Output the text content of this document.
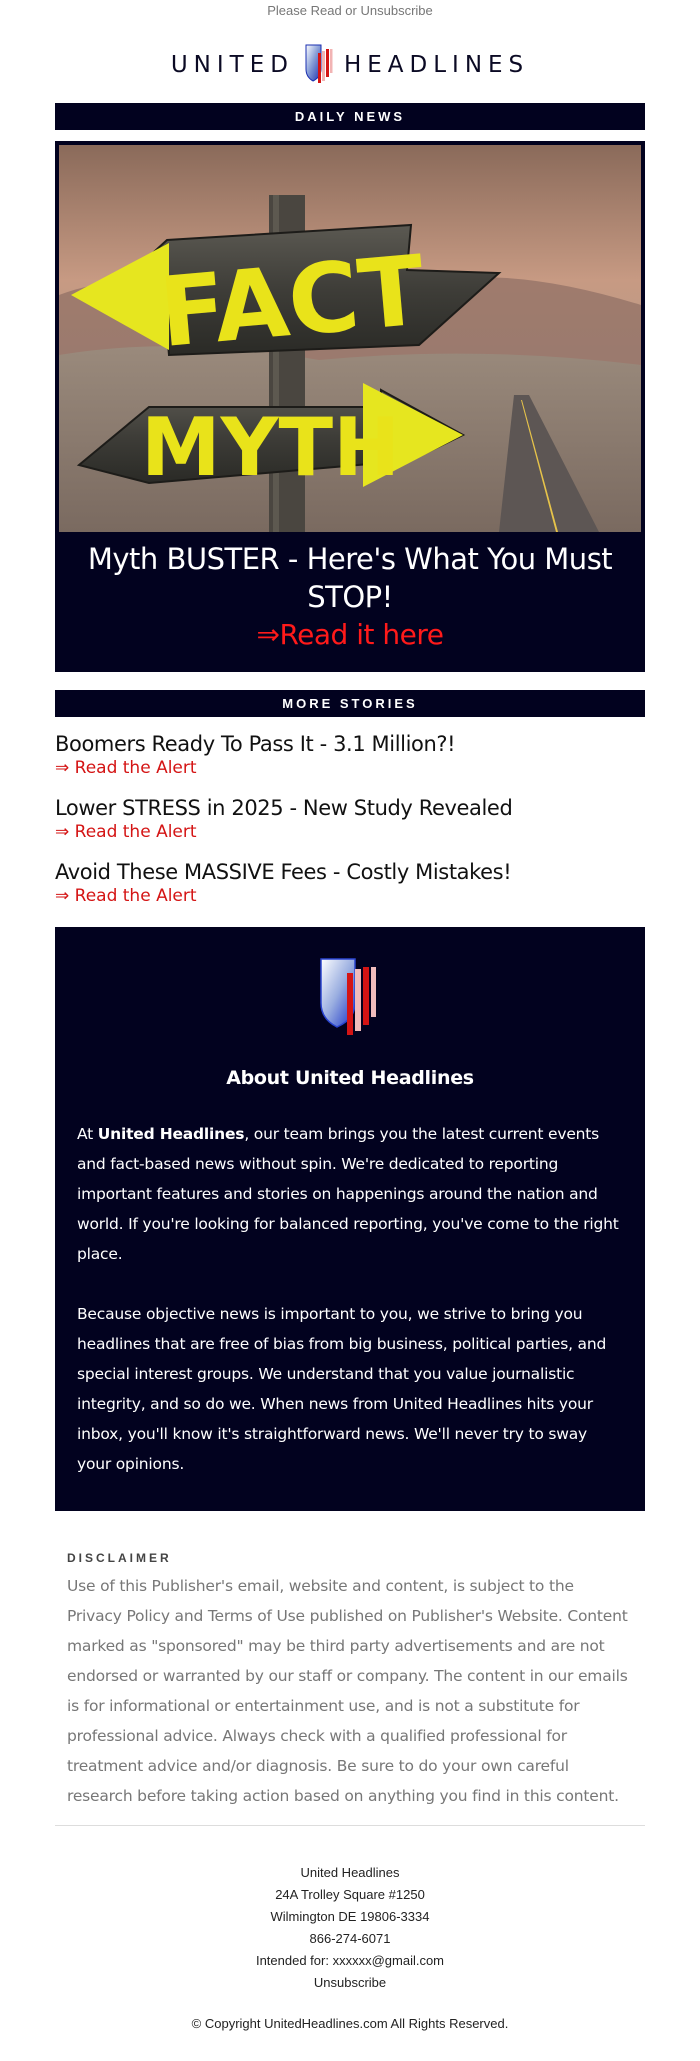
Please Read or Unsubscribe
UNITED HEADLINES
DAILY NEWS
FACT
MYTH
Myth BUSTER - Here's What You Must STOP!
⇒Read it here
MORE STORIES
Boomers Ready To Pass It - 3.1 Million?!
⇒ Read the Alert
Lower STRESS in 2025 - New Study Revealed
⇒ Read the Alert
Avoid These MASSIVE Fees - Costly Mistakes!
⇒ Read the Alert
About United Headlines

At United Headlines, our team brings you the latest current events and fact-based news without spin. We're dedicated to reporting important features and stories on happenings around the nation and world. If you're looking for balanced reporting, you've come to the right place.

Because objective news is important to you, we strive to bring you headlines that are free of bias from big business, political parties, and special interest groups. We understand that you value journalistic integrity, and so do we. When news from United Headlines hits your inbox, you'll know it's straightforward news. We'll never try to sway your opinions.

DISCLAIMER
Use of this Publisher's email, website and content, is subject to the Privacy Policy and Terms of Use published on Publisher's Website. Content marked as "sponsored" may be third party advertisements and are not endorsed or warranted by our staff or company. The content in our emails is for informational or entertainment use, and is not a substitute for professional advice. Always check with a qualified professional for treatment advice and/or diagnosis. Be sure to do your own careful research before taking action based on anything you find in this content.
United Headlines
24A Trolley Square #1250
Wilmington DE 19806-3334
866-274-6071
Intended for: xxxxxx@gmail.com
Unsubscribe
© Copyright UnitedHeadlines.com All Rights Reserved.
